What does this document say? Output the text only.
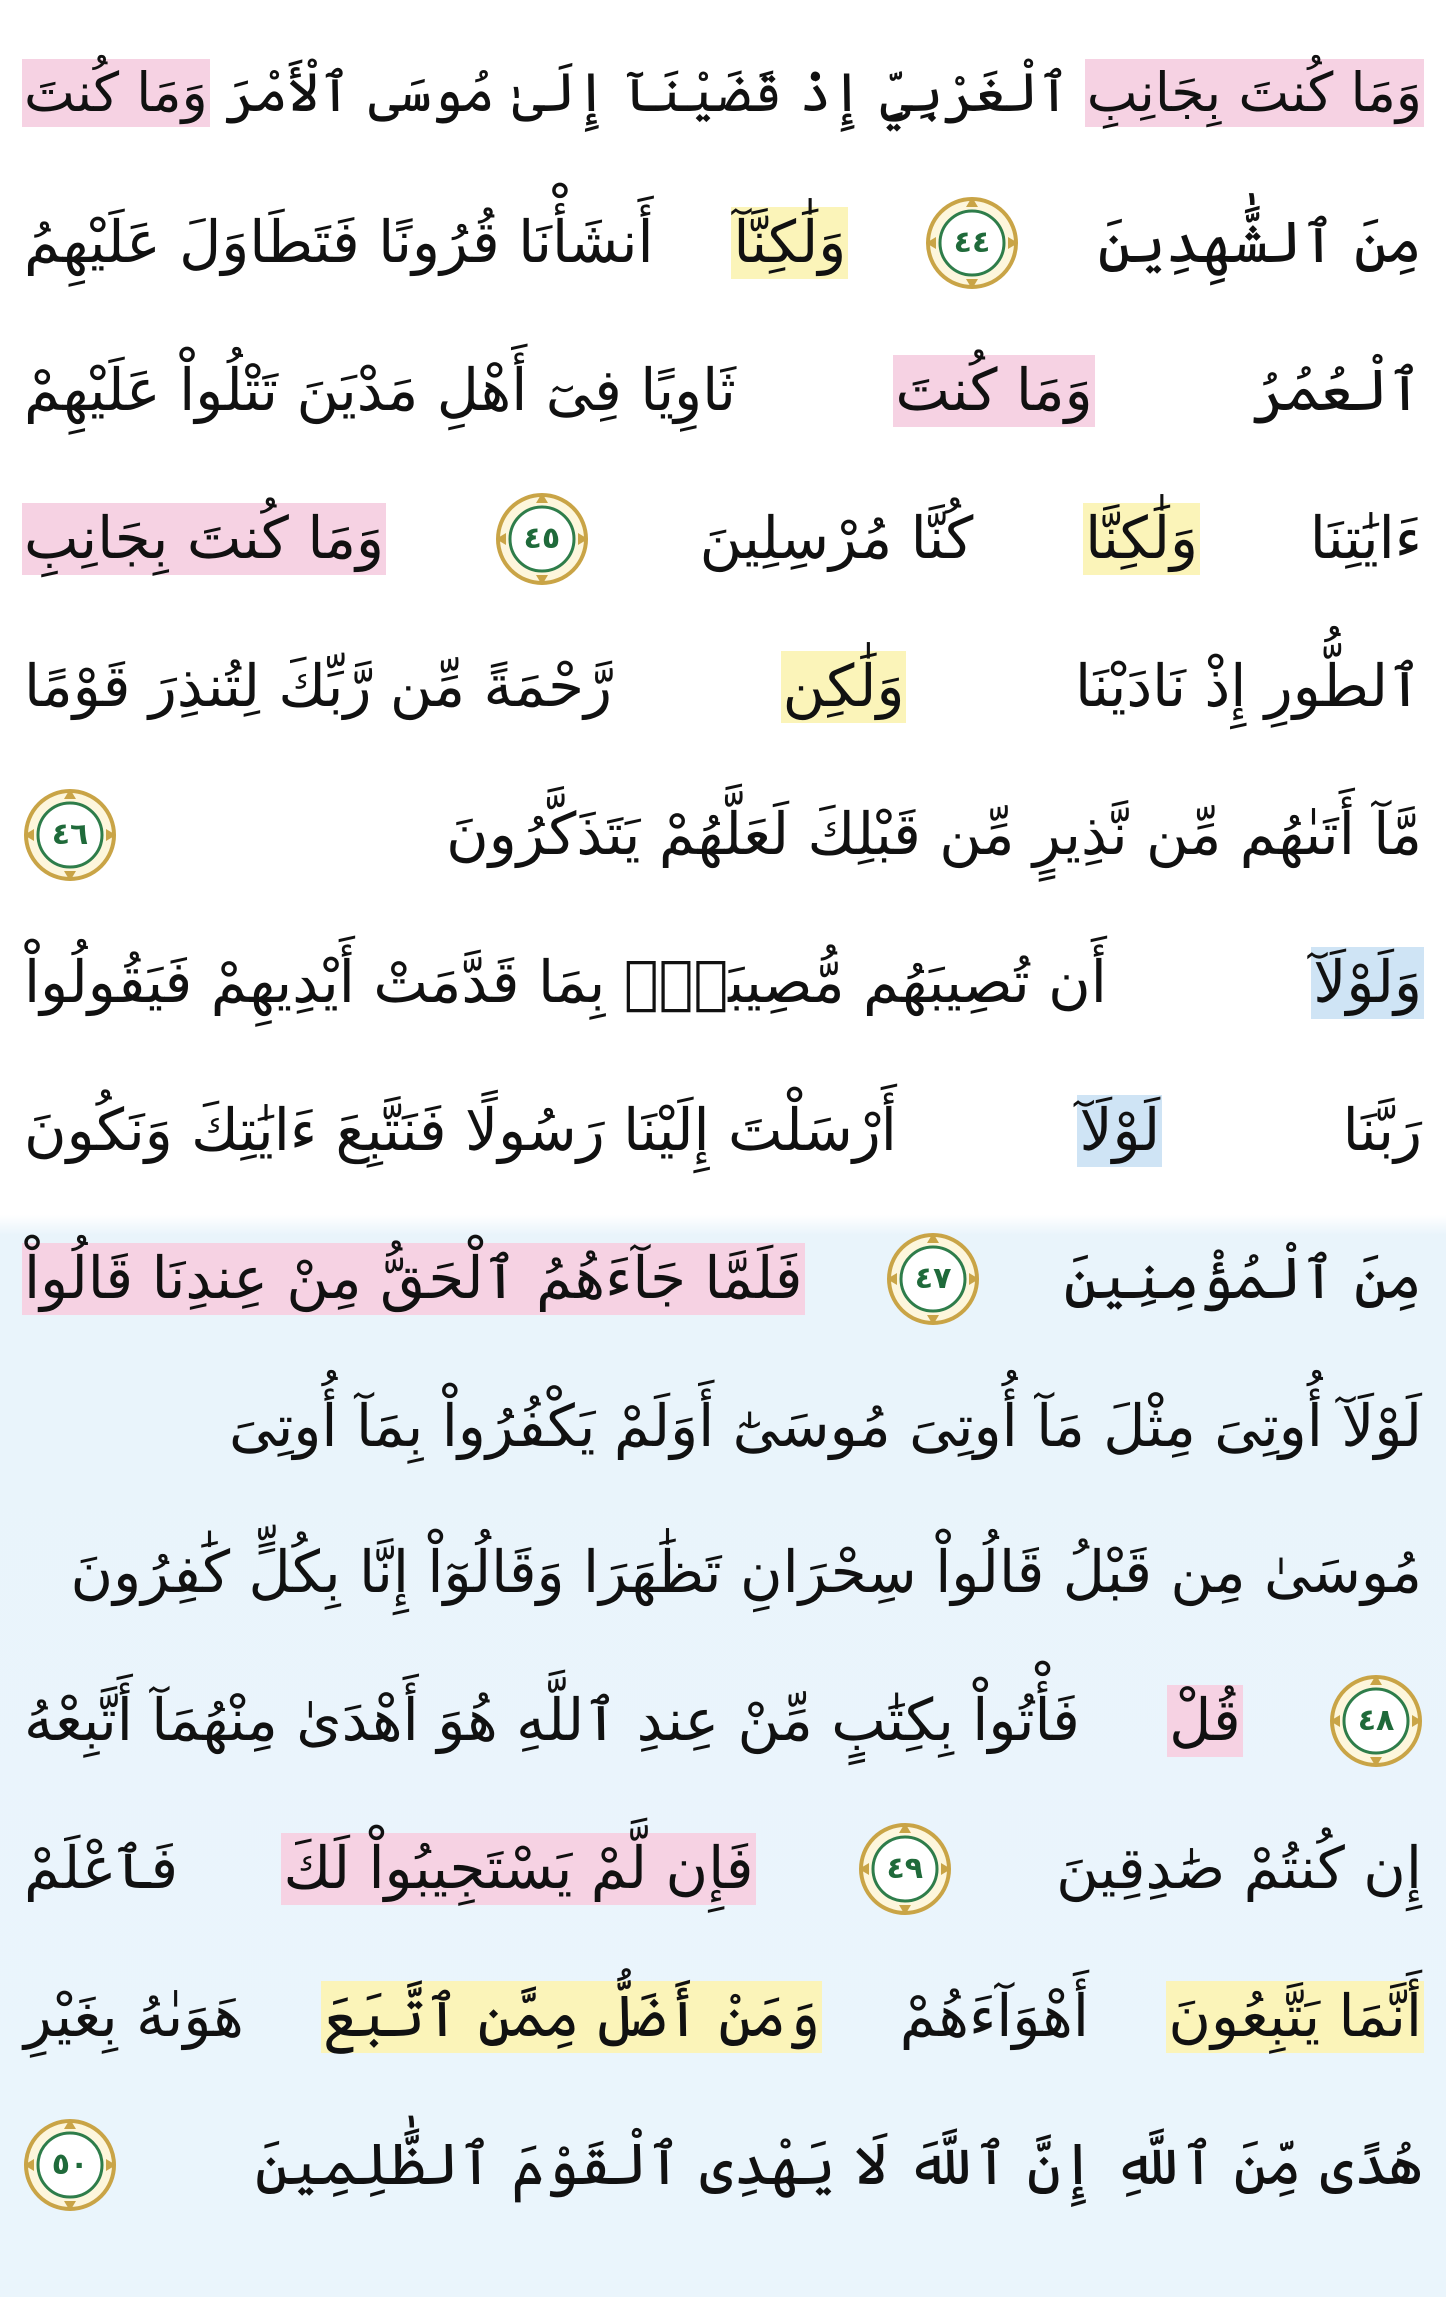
وَمَا كُنتَ بِجَانِبِ
ٱلْغَرْبِيِّ إِذْ قَضَيْنَآ إِلَىٰ مُوسَى ٱلْأَمْرَ
وَمَا كُنتَ
مِنَ ٱلشَّٰهِدِينَ
٤٤
وَلَٰكِنَّآ
أَنشَأْنَا قُرُونًا فَتَطَاوَلَ عَلَيْهِمُ
ٱلْعُمُرُ
وَمَا كُنتَ
ثَاوِيًا فِىٓ أَهْلِ مَدْيَنَ تَتْلُواْ عَلَيْهِمْ
ءَايَٰتِنَا
وَلَٰكِنَّا
كُنَّا مُرْسِلِينَ
٤٥
وَمَا كُنتَ بِجَانِبِ
ٱلطُّورِ إِذْ نَادَيْنَا
وَلَٰكِن
رَّحْمَةً مِّن رَّبِّكَ لِتُنذِرَ قَوْمًا
مَّآ أَتَىٰهُم مِّن نَّذِيرٍ مِّن قَبْلِكَ لَعَلَّهُمْ يَتَذَكَّرُونَ
٤٦
وَلَوْلَآ
أَن تُصِيبَهُم مُّصِيبَةٌۢ بِمَا قَدَّمَتْ أَيْدِيهِمْ فَيَقُولُواْ
رَبَّنَا
لَوْلَآ
أَرْسَلْتَ إِلَيْنَا رَسُولًا فَنَتَّبِعَ ءَايَٰتِكَ وَنَكُونَ
مِنَ ٱلْمُؤْمِنِينَ
٤٧
فَلَمَّا جَآءَهُمُ ٱلْحَقُّ مِنْ عِندِنَا قَالُواْ
لَوْلَآ أُوتِىَ مِثْلَ مَآ أُوتِىَ مُوسَىٰٓ أَوَلَمْ يَكْفُرُواْ بِمَآ أُوتِىَ
مُوسَىٰ مِن قَبْلُ قَالُواْ سِحْرَانِ تَظَٰهَرَا وَقَالُوٓاْ إِنَّا بِكُلٍّ كَٰفِرُونَ
٤٨
قُلْ
فَأْتُواْ بِكِتَٰبٍ مِّنْ عِندِ ٱللَّهِ هُوَ أَهْدَىٰ مِنْهُمَآ أَتَّبِعْهُ
إِن كُنتُمْ صَٰدِقِينَ
٤٩
فَإِن لَّمْ يَسْتَجِيبُواْ لَكَ
فَٱعْلَمْ
أَنَّمَا يَتَّبِعُونَ
أَهْوَآءَهُمْ
وَمَنْ أَضَلُّ مِمَّنِ ٱتَّبَعَ
هَوَىٰهُ بِغَيْرِ
هُدًى مِّنَ ٱللَّهِ إِنَّ ٱللَّهَ لَا يَهْدِى ٱلْقَوْمَ ٱلظَّٰلِمِينَ
٥٠
